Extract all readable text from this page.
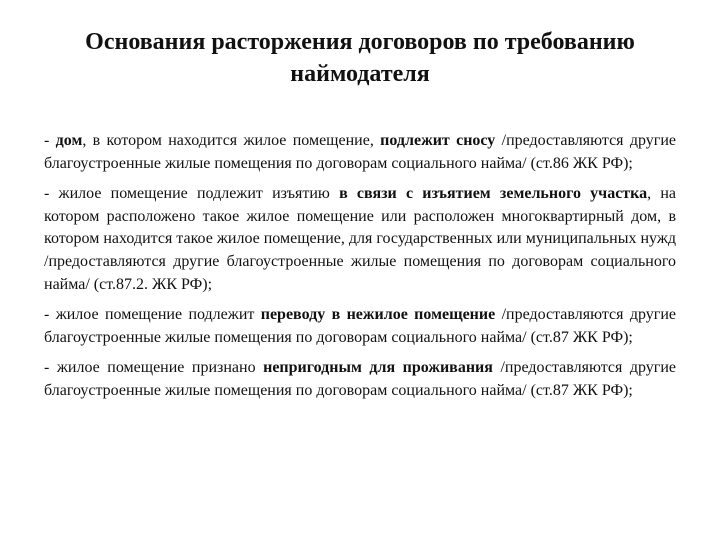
Основания расторжения договоров по требованию наймодателя

- дом, в котором находится жилое помещение, подлежит сносу /предоставляются другие благоустроенные жилые помещения по договорам социального найма/ (ст.86 ЖК РФ);

- жилое помещение подлежит изъятию в связи с изъятием земельного участка, на котором расположено такое жилое помещение или расположен многоквартирный дом, в котором находится такое жилое помещение, для государственных или муниципальных нужд /предоставляются другие благоустроенные жилые помещения по договорам социального найма/ (ст.87.2. ЖК РФ);

- жилое помещение подлежит переводу в нежилое помещение /предоставляются другие благоустроенные жилые помещения по договорам социального найма/ (ст.87 ЖК РФ);

- жилое помещение признано непригодным для проживания /предоставляются другие благоустроенные жилые помещения по договорам социального найма/ (ст.87 ЖК РФ);
